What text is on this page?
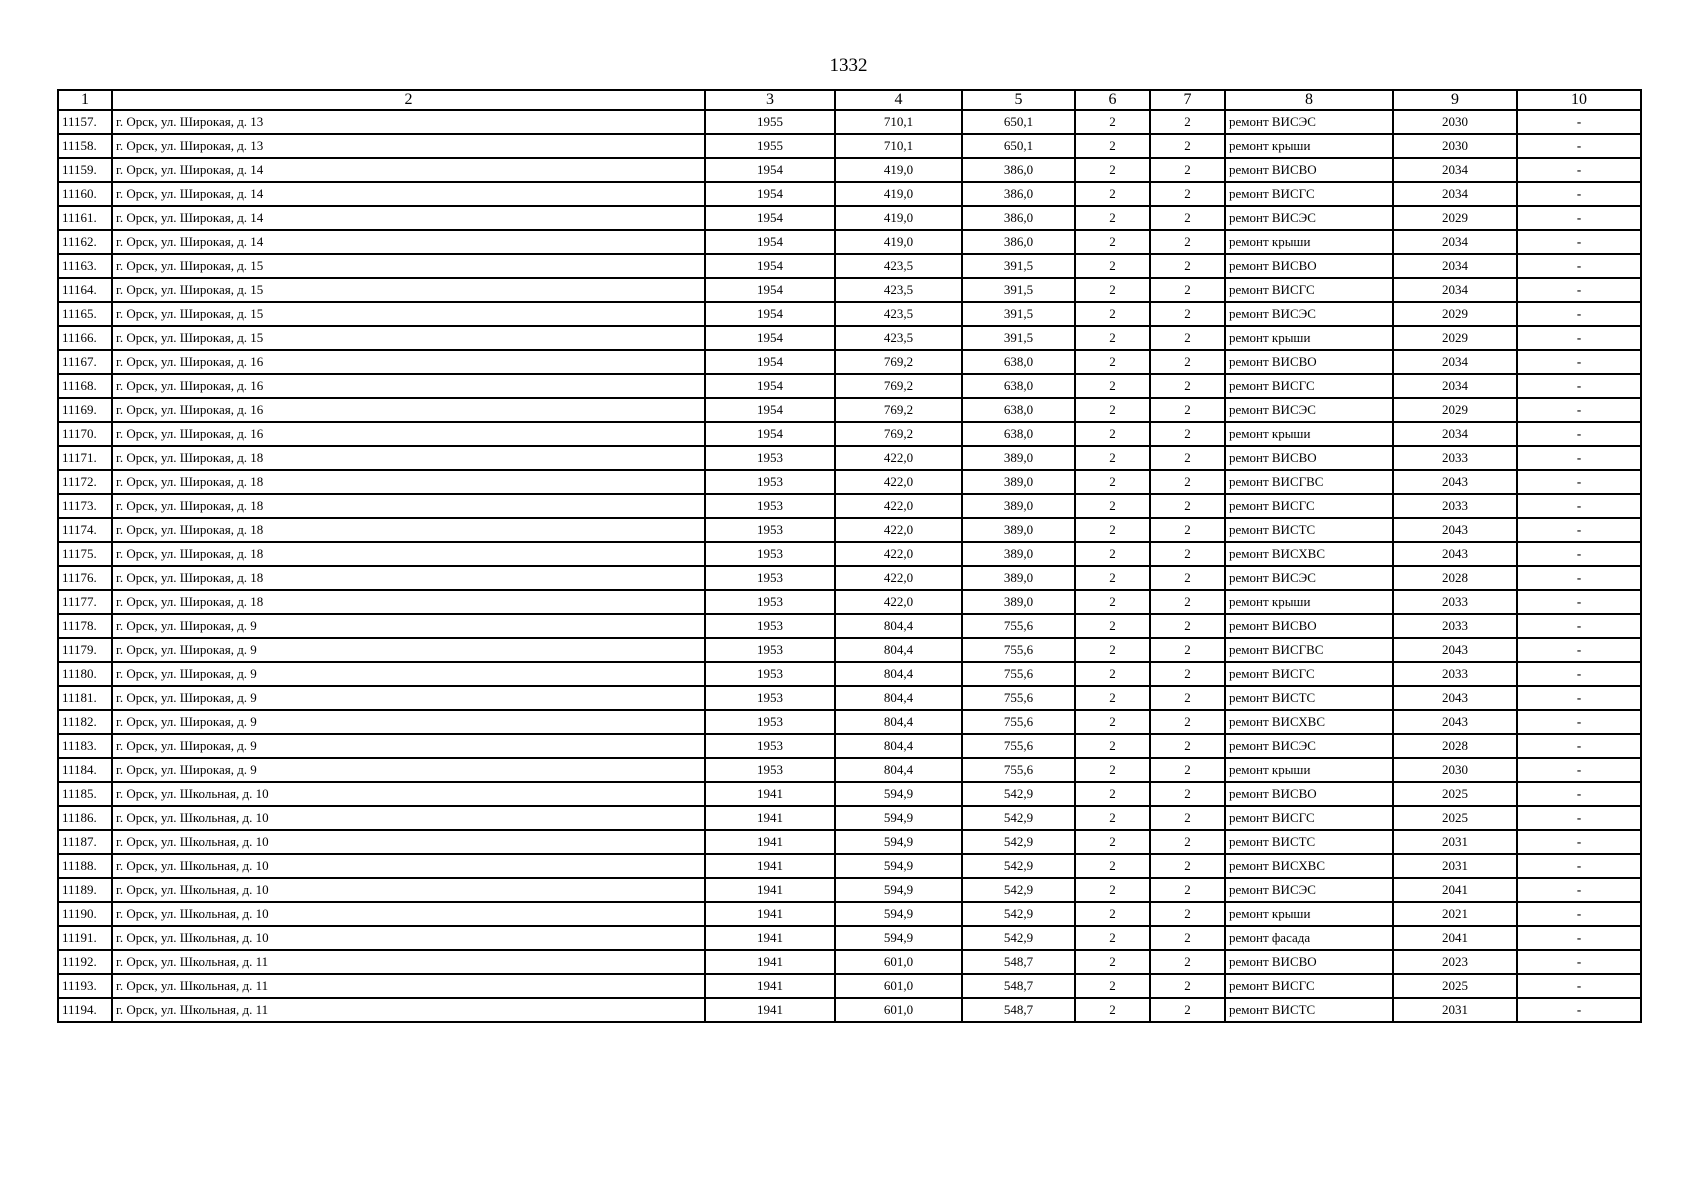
1332
1	2	3	4	5	6	7	8	9	10
11157.	г. Орск, ул. Широкая, д. 13	1955	710,1	650,1	2	2	ремонт ВИСЭС	2030	-
11158.	г. Орск, ул. Широкая, д. 13	1955	710,1	650,1	2	2	ремонт крыши	2030	-
11159.	г. Орск, ул. Широкая, д. 14	1954	419,0	386,0	2	2	ремонт ВИСВО	2034	-
11160.	г. Орск, ул. Широкая, д. 14	1954	419,0	386,0	2	2	ремонт ВИСГС	2034	-
11161.	г. Орск, ул. Широкая, д. 14	1954	419,0	386,0	2	2	ремонт ВИСЭС	2029	-
11162.	г. Орск, ул. Широкая, д. 14	1954	419,0	386,0	2	2	ремонт крыши	2034	-
11163.	г. Орск, ул. Широкая, д. 15	1954	423,5	391,5	2	2	ремонт ВИСВО	2034	-
11164.	г. Орск, ул. Широкая, д. 15	1954	423,5	391,5	2	2	ремонт ВИСГС	2034	-
11165.	г. Орск, ул. Широкая, д. 15	1954	423,5	391,5	2	2	ремонт ВИСЭС	2029	-
11166.	г. Орск, ул. Широкая, д. 15	1954	423,5	391,5	2	2	ремонт крыши	2029	-
11167.	г. Орск, ул. Широкая, д. 16	1954	769,2	638,0	2	2	ремонт ВИСВО	2034	-
11168.	г. Орск, ул. Широкая, д. 16	1954	769,2	638,0	2	2	ремонт ВИСГС	2034	-
11169.	г. Орск, ул. Широкая, д. 16	1954	769,2	638,0	2	2	ремонт ВИСЭС	2029	-
11170.	г. Орск, ул. Широкая, д. 16	1954	769,2	638,0	2	2	ремонт крыши	2034	-
11171.	г. Орск, ул. Широкая, д. 18	1953	422,0	389,0	2	2	ремонт ВИСВО	2033	-
11172.	г. Орск, ул. Широкая, д. 18	1953	422,0	389,0	2	2	ремонт ВИСГВС	2043	-
11173.	г. Орск, ул. Широкая, д. 18	1953	422,0	389,0	2	2	ремонт ВИСГС	2033	-
11174.	г. Орск, ул. Широкая, д. 18	1953	422,0	389,0	2	2	ремонт ВИСТС	2043	-
11175.	г. Орск, ул. Широкая, д. 18	1953	422,0	389,0	2	2	ремонт ВИСХВС	2043	-
11176.	г. Орск, ул. Широкая, д. 18	1953	422,0	389,0	2	2	ремонт ВИСЭС	2028	-
11177.	г. Орск, ул. Широкая, д. 18	1953	422,0	389,0	2	2	ремонт крыши	2033	-
11178.	г. Орск, ул. Широкая, д. 9	1953	804,4	755,6	2	2	ремонт ВИСВО	2033	-
11179.	г. Орск, ул. Широкая, д. 9	1953	804,4	755,6	2	2	ремонт ВИСГВС	2043	-
11180.	г. Орск, ул. Широкая, д. 9	1953	804,4	755,6	2	2	ремонт ВИСГС	2033	-
11181.	г. Орск, ул. Широкая, д. 9	1953	804,4	755,6	2	2	ремонт ВИСТС	2043	-
11182.	г. Орск, ул. Широкая, д. 9	1953	804,4	755,6	2	2	ремонт ВИСХВС	2043	-
11183.	г. Орск, ул. Широкая, д. 9	1953	804,4	755,6	2	2	ремонт ВИСЭС	2028	-
11184.	г. Орск, ул. Широкая, д. 9	1953	804,4	755,6	2	2	ремонт крыши	2030	-
11185.	г. Орск, ул. Школьная, д. 10	1941	594,9	542,9	2	2	ремонт ВИСВО	2025	-
11186.	г. Орск, ул. Школьная, д. 10	1941	594,9	542,9	2	2	ремонт ВИСГС	2025	-
11187.	г. Орск, ул. Школьная, д. 10	1941	594,9	542,9	2	2	ремонт ВИСТС	2031	-
11188.	г. Орск, ул. Школьная, д. 10	1941	594,9	542,9	2	2	ремонт ВИСХВС	2031	-
11189.	г. Орск, ул. Школьная, д. 10	1941	594,9	542,9	2	2	ремонт ВИСЭС	2041	-
11190.	г. Орск, ул. Школьная, д. 10	1941	594,9	542,9	2	2	ремонт крыши	2021	-
11191.	г. Орск, ул. Школьная, д. 10	1941	594,9	542,9	2	2	ремонт фасада	2041	-
11192.	г. Орск, ул. Школьная, д. 11	1941	601,0	548,7	2	2	ремонт ВИСВО	2023	-
11193.	г. Орск, ул. Школьная, д. 11	1941	601,0	548,7	2	2	ремонт ВИСГС	2025	-
11194.	г. Орск, ул. Школьная, д. 11	1941	601,0	548,7	2	2	ремонт ВИСТС	2031	-
